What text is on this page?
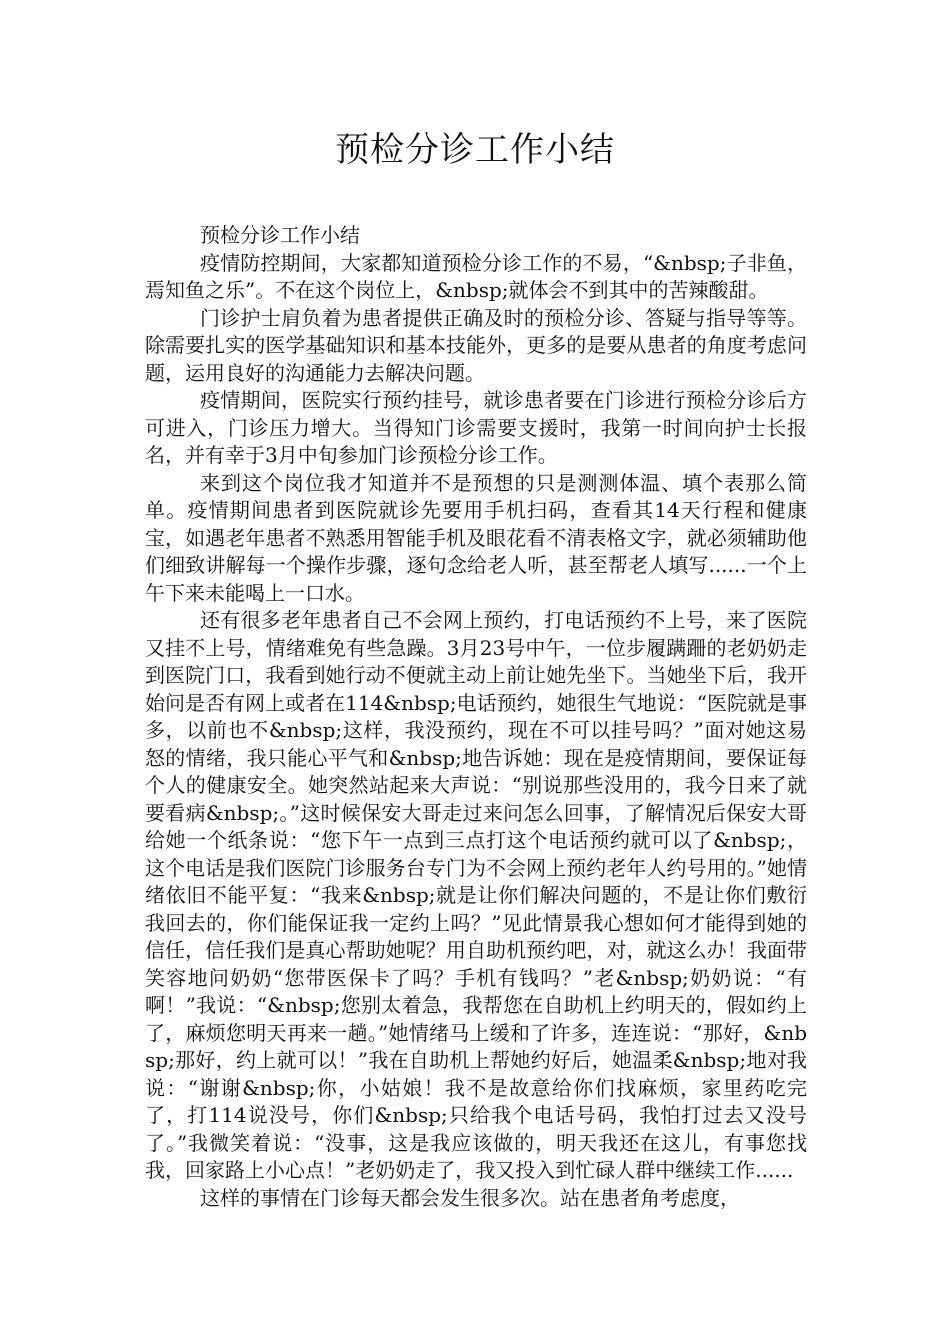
预检分诊工作小结

预检分诊工作小结

疫情防控期间，大家都知道预检分诊工作的不易，“&nbsp;子非鱼，焉知鱼之乐”。不在这个岗位上，&nbsp;就体会不到其中的苦辣酸甜。

门诊护士肩负着为患者提供正确及时的预检分诊、答疑与指导等等。除需要扎实的医学基础知识和基本技能外，更多的是要从患者的角度考虑问题，运用良好的沟通能力去解决问题。

疫情期间，医院实行预约挂号，就诊患者要在门诊进行预检分诊后方可进入，门诊压力增大。当得知门诊需要支援时，我第一时间向护士长报名，并有幸于3月中旬参加门诊预检分诊工作。

来到这个岗位我才知道并不是预想的只是测测体温、填个表那么简单。疫情期间患者到医院就诊先要用手机扫码，查看其14天行程和健康宝，如遇老年患者不熟悉用智能手机及眼花看不清表格文字，就必须辅助他们细致讲解每一个操作步骤，逐句念给老人听，甚至帮老人填写......一个上午下来未能喝上一口水。

还有很多老年患者自己不会网上预约，打电话预约不上号，来了医院又挂不上号，情绪难免有些急躁。3月23号中午，一位步履蹒跚的老奶奶走到医院门口，我看到她行动不便就主动上前让她先坐下。当她坐下后，我开始问是否有网上或者在114&nbsp;电话预约，她很生气地说：“医院就是事多，以前也不&nbsp;这样，我没预约，现在不可以挂号吗？”面对她这易怒的情绪，我只能心平气和&nbsp;地告诉她：现在是疫情期间，要保证每个人的健康安全。她突然站起来大声说：“别说那些没用的，我今日来了就要看病&nbsp;。”这时候保安大哥走过来问怎么回事，了解情况后保安大哥给她一个纸条说：“您下午一点到三点打这个电话预约就可以了&nbsp;，这个电话是我们医院门诊服务台专门为不会网上预约老年人约号用的。”她情绪依旧不能平复：“我来&nbsp;就是让你们解决问题的，不是让你们敷衍我回去的，你们能保证我一定约上吗？”见此情景我心想如何才能得到她的信任，信任我们是真心帮助她呢？用自助机预约吧，对，就这么办！我面带笑容地问奶奶“您带医保卡了吗？手机有钱吗？”老&nbsp;奶奶说：“有啊！”我说：“&nbsp;您别太着急，我帮您在自助机上约明天的，假如约上了，麻烦您明天再来一趟。”她情绪马上缓和了许多，连连说：“那好，&nbsp;那好，约上就可以！”我在自助机上帮她约好后，她温柔&nbsp;地对我说：“谢谢&nbsp;你，小姑娘！我不是故意给你们找麻烦，家里药吃完了，打114说没号，你们&nbsp;只给我个电话号码，我怕打过去又没号了。”我微笑着说：“没事，这是我应该做的，明天我还在这儿，有事您找我，回家路上小心点！”老奶奶走了，我又投入到忙碌人群中继续工作......

这样的事情在门诊每天都会发生很多次。站在患者角考虑度，
